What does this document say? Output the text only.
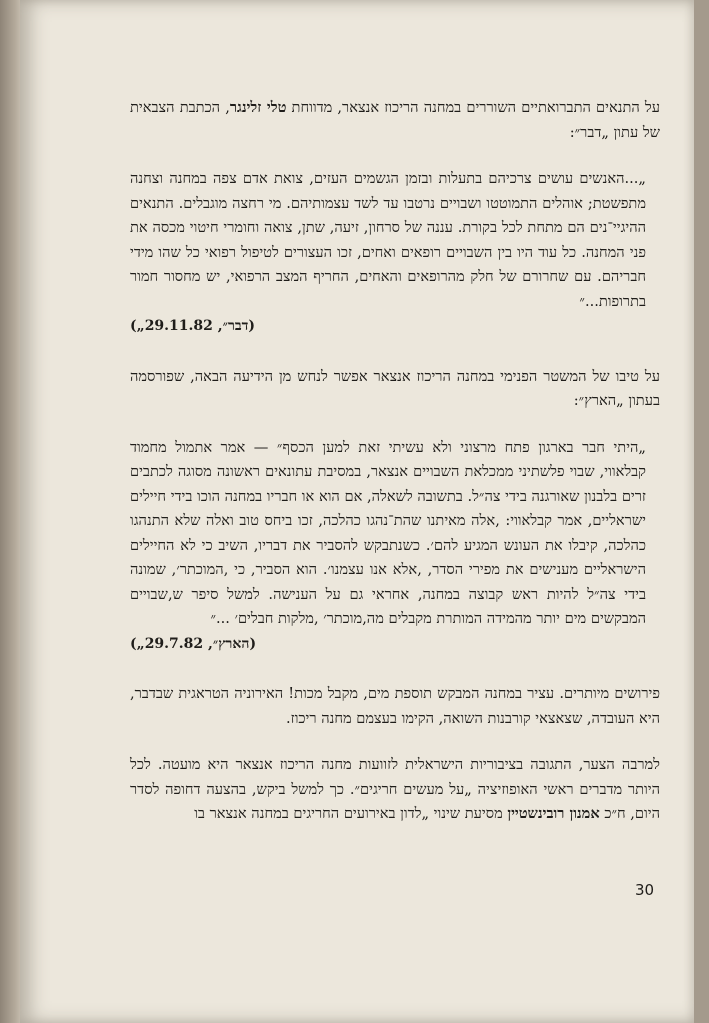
על התנאים התברואתיים השוררים במחנה הריכוז אנצאר, מדווחת טלי זלינגר, הכתבת הצבאית של עתון „דבר״:

„...האנשים עושים צרכיהם בתעלות ובזמן הגשמים העזים, צואת אדם צפה במחנה וצחנה מתפשטת; אוהלים התמוטטו ושבויים נרטבו עד לשד עצמותיהם. מי רחצה מוגבלים. התנאים ההיגיי־נים הם מתחת לכל בקורת. עננה של סרחון, זיעה, שתן, צואה וחומרי חיטוי מכסה את פני המחנה. כל עוד היו בין השבויים רופאים ואחים, זכו העצורים לטיפול רפואי כל שהו מידי חבריהם. עם שחרורם של חלק מהרופאים והאחים, החריף המצב הרפואי, יש מחסור חמור בתרופות...״

(„דבר״, 29.11.82)

על טיבו של המשטר הפנימי במחנה הריכוז אנצאר אפשר לנחש מן הידיעה הבאה, שפורסמה בעתון „הארץ״:

„היתי חבר בארגון פתח מרצוני ולא עשיתי זאת למען הכסף״ — אמר אתמול מחמוד קבלאווי, שבוי פלשתיני ממכלאת השבויים אנצאר, במסיבת עתונאים ראשונה מסוגה לכתבים זרים בלבנון שאורגנה בידי צה״ל. בתשובה לשאלה, אם הוא או חבריו במחנה הוכו בידי חיילים ישראליים, אמר קבלאווי: ‚אלה מאיתנו שהת־נהגו כהלכה, זכו ביחס טוב ואלה שלא התנהגו כהלכה, קיבלו את העונש המגיע להם׳. כשנתבקש להסביר את דבריו, השיב כי לא החיילים הישראליים מענישים את מפירי הסדר, ‚אלא אנו עצמנו׳. הוא הסביר, כי ‚המוכתר׳, שמונה בידי צה״ל להיות ראש קבוצה במחנה, אחראי גם על הענישה. למשל סיפר ש‚שבויים המבקשים מים יותר מהמידה המותרת מקבלים מה‚מוכתר׳ ‚מלקות חבלים׳ ...״

(„הארץ״, 29.7.82)

פירושים מיותרים. עציר במחנה המבקש תוספת מים, מקבל מכות! האירוניה הטראגית שבדבר, היא העובדה, שצאצאי קורבנות השואה, הקימו בעצמם מחנה ריכוז.

למרבה הצער, התגובה בציבוריות הישראלית לזוועות מחנה הריכוז אנצאר היא מועטה. לכל היותר מדברים ראשי האופוזיציה „על מעשים חריגים״. כך למשל ביקש, בהצעה דחופה לסדר היום, ח״כ אמנון רובינשטיין מסיעת שינוי „לדון באירועים החריגים במחנה אנצאר בו

30
